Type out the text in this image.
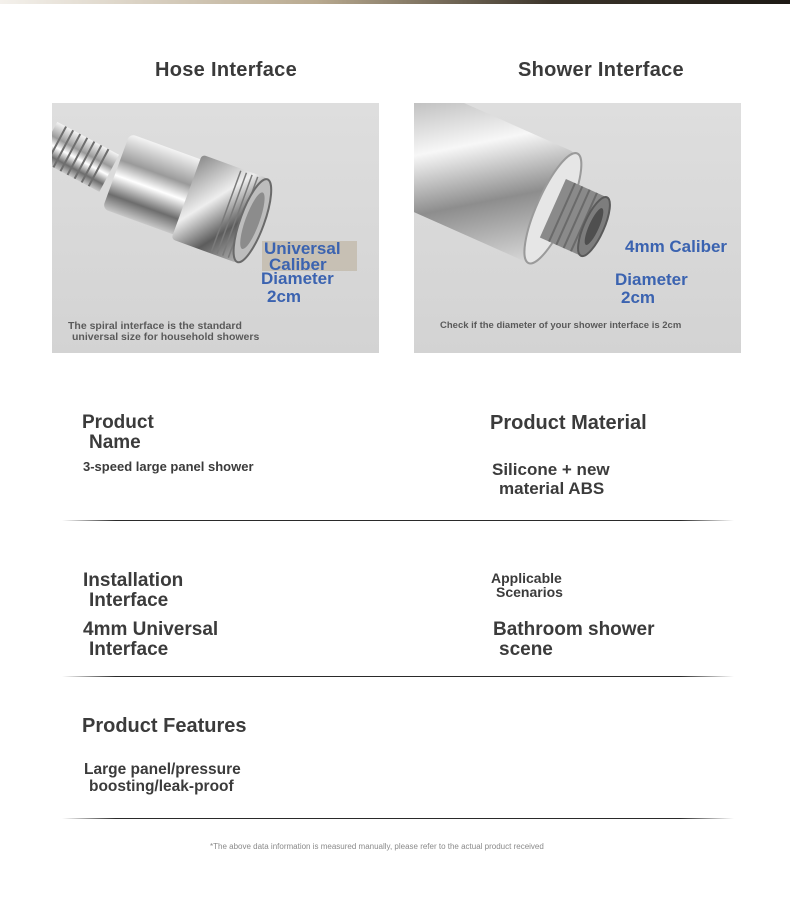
Hose Interface	Shower Interface
Universal
Caliber
Diameter
2cm
The spiral interface is the standard
universal size for household showers
4mm Caliber
Diameter
2cm
Check if the diameter of your shower interface is 2cm
Product
Name
3-speed large panel shower
Product Material
Silicone + new
material ABS
Installation
Interface
4mm Universal
Interface
Applicable
Scenarios
Bathroom shower
scene
Product Features
Large panel/pressure
boosting/leak-proof
*The above data information is measured manually, please refer to the actual product received
